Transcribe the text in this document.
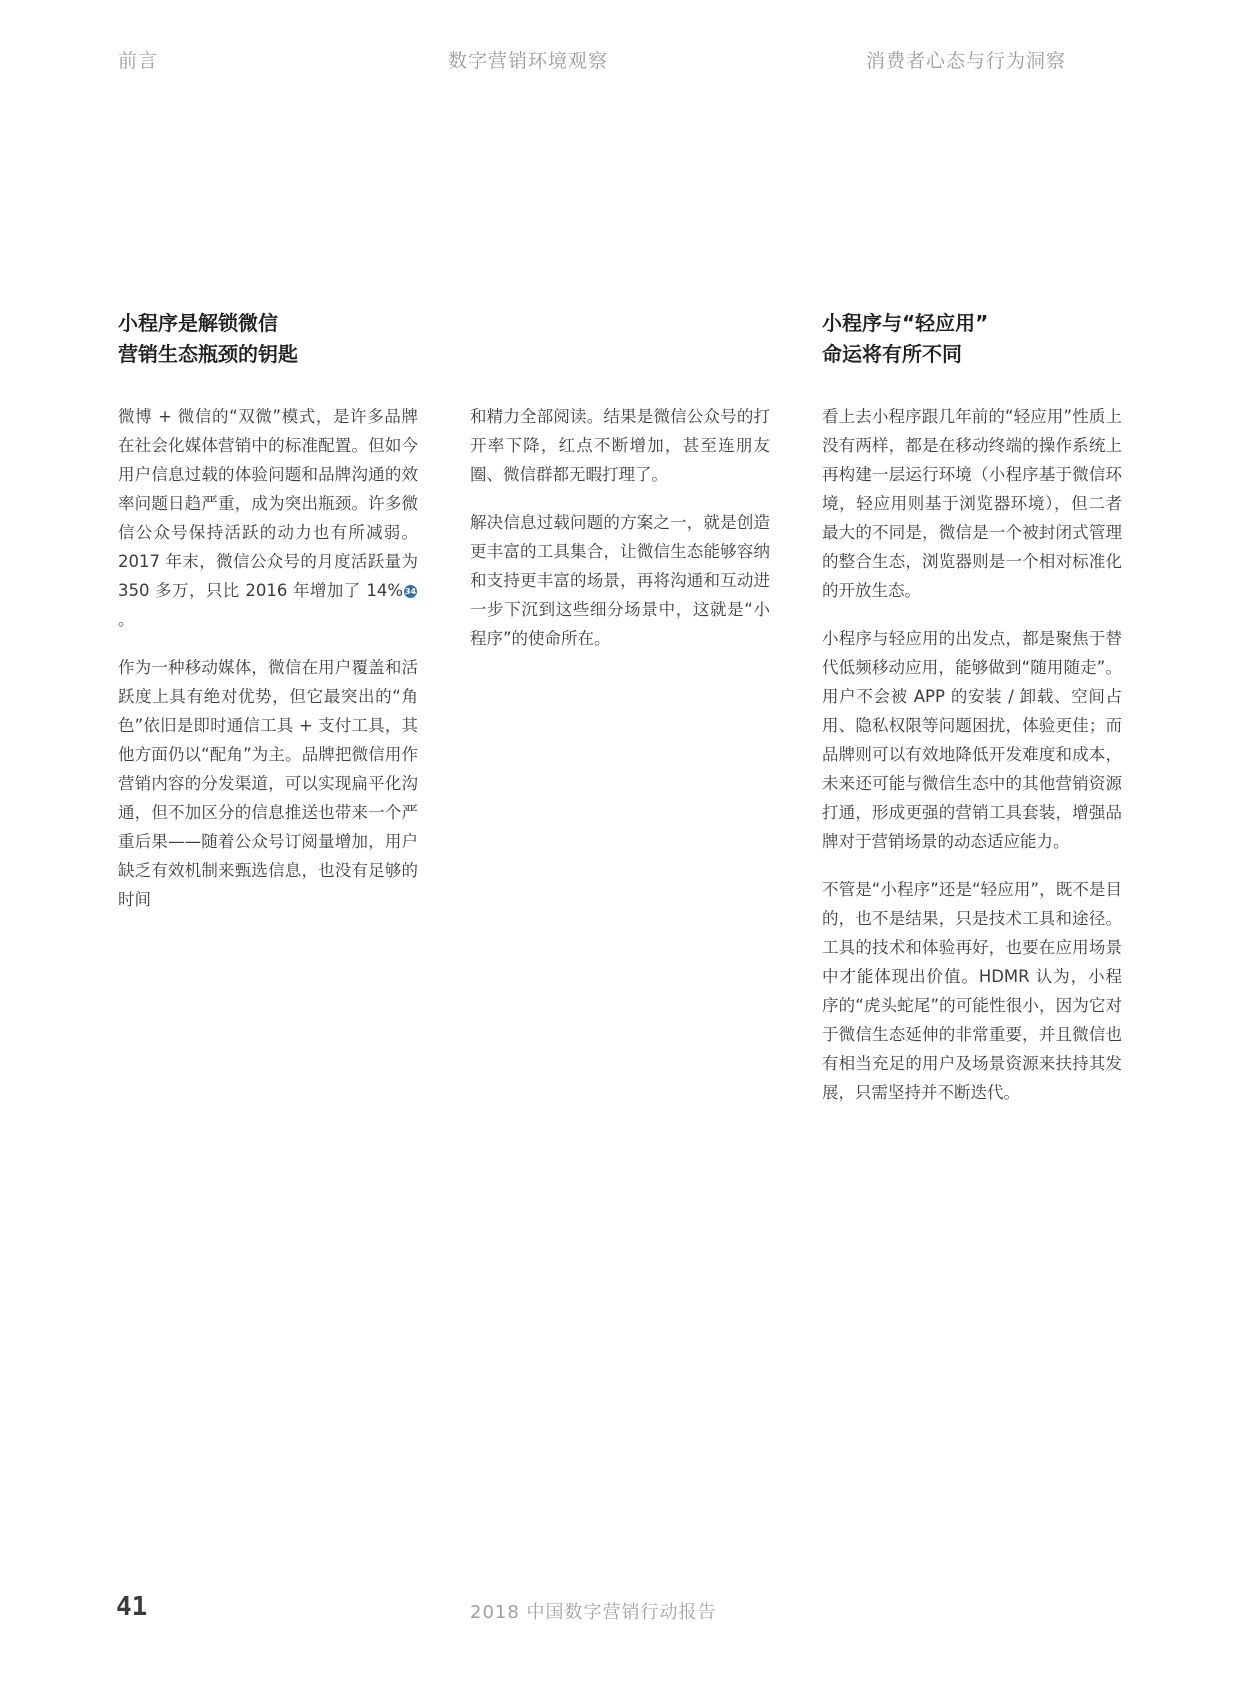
前言	数字营销环境观察	消费者心态与行为洞察
小程序是解锁微信
营销生态瓶颈的钥匙

微博 + 微信的“双微”模式，是许多品牌在社会化媒体营销中的标准配置。但如今用户信息过载的体验问题和品牌沟通的效率问题日趋严重，成为突出瓶颈。许多微信公众号保持活跃的动力也有所减弱。2017 年末，微信公众号的月度活跃量为 350 多万，只比 2016 年增加了 14% 34。

作为一种移动媒体，微信在用户覆盖和活跃度上具有绝对优势，但它最突出的“角色”依旧是即时通信工具 + 支付工具，其他方面仍以“配角”为主。品牌把微信用作营销内容的分发渠道，可以实现扁平化沟通，但不加区分的信息推送也带来一个严重后果——随着公众号订阅量增加，用户缺乏有效机制来甄选信息，也没有足够的时间

和精力全部阅读。结果是微信公众号的打开率下降，红点不断增加，甚至连朋友圈、微信群都无暇打理了。

解决信息过载问题的方案之一，就是创造更丰富的工具集合，让微信生态能够容纳和支持更丰富的场景，再将沟通和互动进一步下沉到这些细分场景中，这就是“小程序”的使命所在。

小程序与“轻应用”
命运将有所不同

看上去小程序跟几年前的“轻应用”性质上没有两样，都是在移动终端的操作系统上再构建一层运行环境（小程序基于微信环境，轻应用则基于浏览器环境），但二者最大的不同是，微信是一个被封闭式管理的整合生态，浏览器则是一个相对标准化的开放生态。

小程序与轻应用的出发点，都是聚焦于替代低频移动应用，能够做到“随用随走”。用户不会被 APP 的安装 / 卸载、空间占用、隐私权限等问题困扰，体验更佳；而品牌则可以有效地降低开发难度和成本，未来还可能与微信生态中的其他营销资源打通，形成更强的营销工具套装，增强品牌对于营销场景的动态适应能力。

不管是“小程序”还是“轻应用”，既不是目的，也不是结果，只是技术工具和途径。工具的技术和体验再好，也要在应用场景中才能体现出价值。HDMR 认为，小程序的“虎头蛇尾”的可能性很小，因为它对于微信生态延伸的非常重要，并且微信也有相当充足的用户及场景资源来扶持其发展，只需坚持并不断迭代。

41	2018 中国数字营销行动报告
